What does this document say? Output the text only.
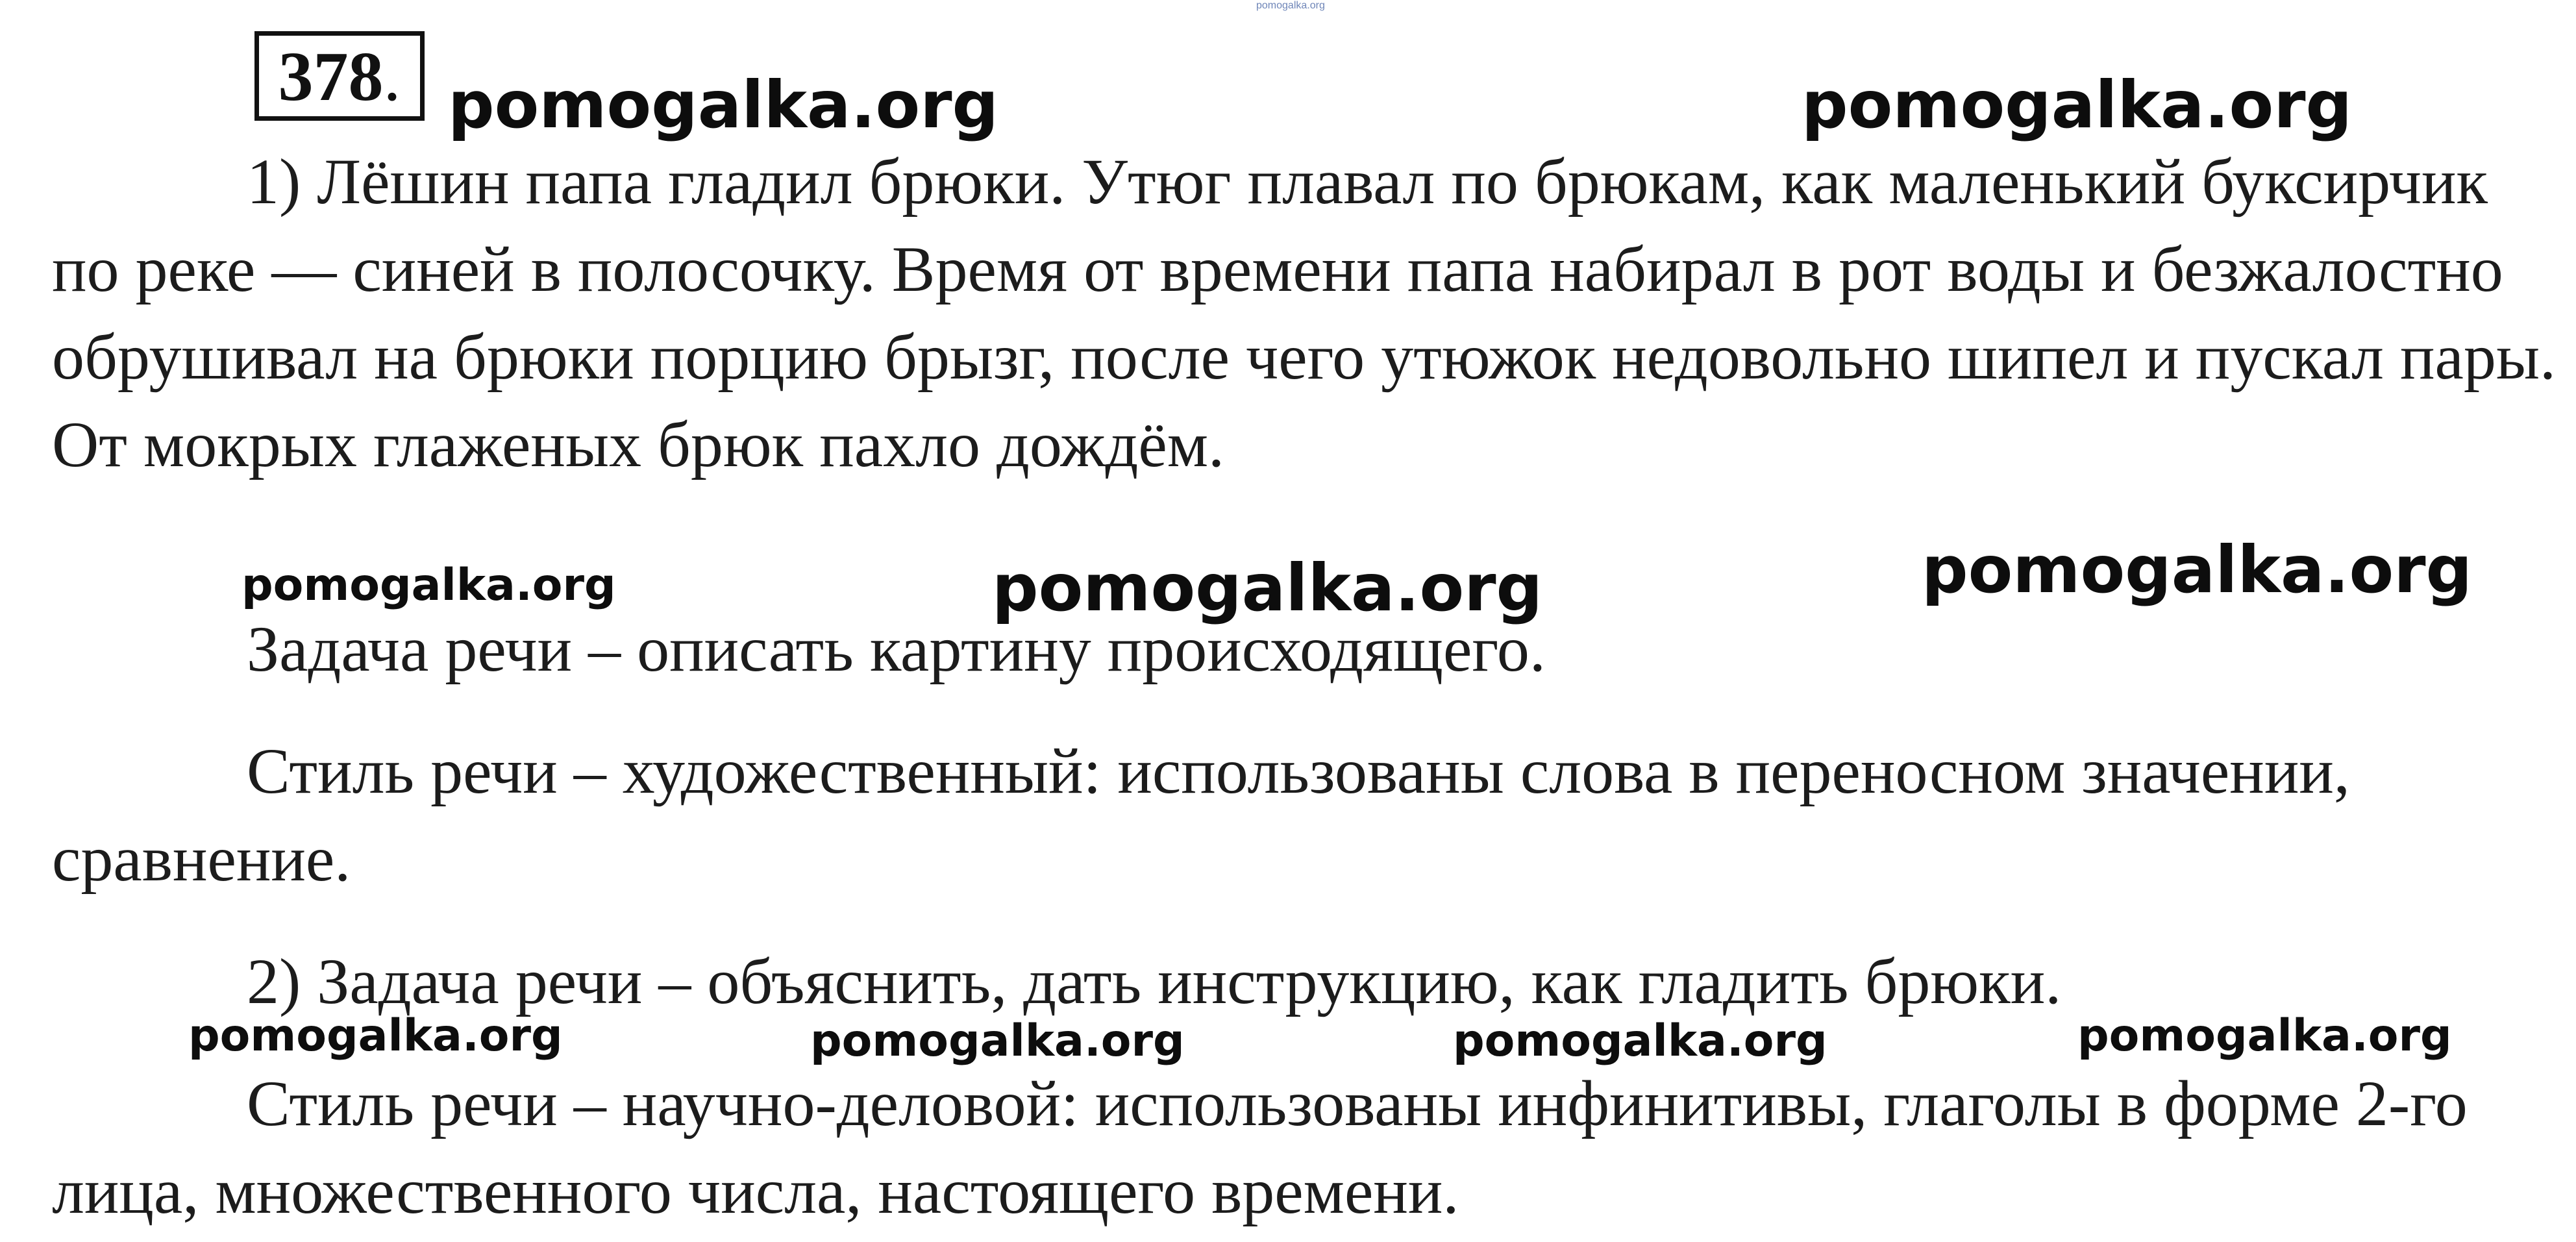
pomogalka.org
378.

1) Лёшин папа гладил брюки. Утюг плавал по брюкам, как маленький буксирчик по реке — синей в полосочку. Время от времени папа набирал в рот воды и безжалостно обрушивал на брюки порцию брызг, после чего утюжок недовольно шипел и пускал пары. От мокрых глаженых брюк пахло дождём.

Задача речи – описать картину происходящего.

Стиль речи – художественный: использованы слова в переносном значении, сравнение.

2) Задача речи – объяснить, дать инструкцию, как гладить брюки.

Стиль речи – научно-деловой: использованы инфинитивы, глаголы в форме 2-го лица, множественного числа, настоящего времени.

pomogalka.org	pomogalka.org
pomogalka.org	pomogalka.org	pomogalka.org
pomogalka.org	pomogalka.org	pomogalka.org	pomogalka.org
